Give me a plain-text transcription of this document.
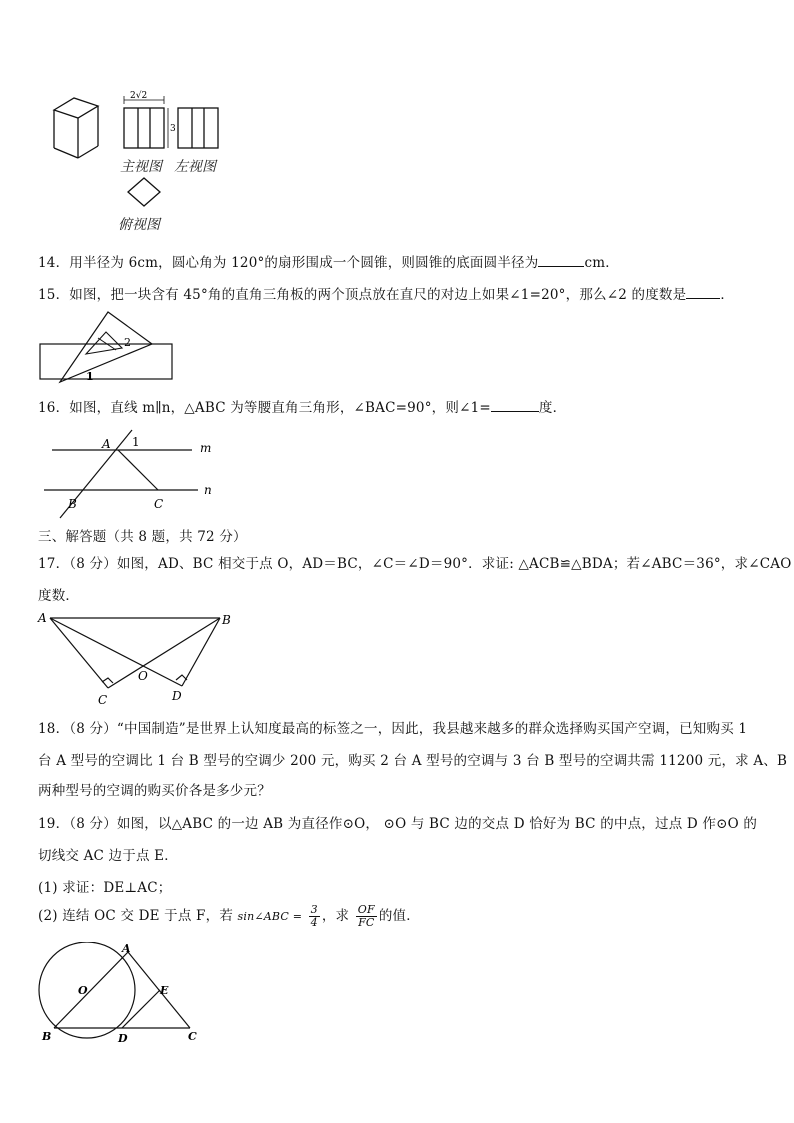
2√2
3
主视图 左视图
俯视图
14．用半径为 6cm，圆心角为 120°的扇形围成一个圆锥，则圆锥的底面圆半径为	cm．
15．如图，把一块含有 45°角的直角三角板的两个顶点放在直尺的对边上如果∠1=20°，那么∠2 的度数是	．
2
1
16．如图，直线 m∥n，△ABC 为等腰直角三角形，∠BAC=90°，则∠1=	度．
A 1	m
n
B	C
三、解答题（共 8 题，共 72 分）
17．（8 分）如图，AD、BC 相交于点 O，AD＝BC，∠C＝∠D＝90°．求证: △ACB≌△BDA；若∠ABC＝36°，求∠CAO
度数．
A	B
C	D
O
18．（8 分）“中国制造”是世界上认知度最高的标签之一，因此，我县越来越多的群众选择购买国产空调，已知购买 1
台 A 型号的空调比 1 台 B 型号的空调少 200 元，购买 2 台 A 型号的空调与 3 台 B 型号的空调共需 11200 元，求 A、B
两种型号的空调的购买价各是多少元？
19．（8 分）如图，以△ABC 的一边 AB 为直径作⊙O， ⊙O 与 BC 边的交点 D 恰好为 BC 的中点，过点 D 作⊙O 的
切线交 AC 边于点 E．
(1) 求证：DE⊥AC；
(2) 连结 OC 交 DE 于点 F，若 sin∠ABC = $\frac{3}{4}$ ，求 $\frac{OF}{FC}$ 的值．
A
B	C
D
E
O
